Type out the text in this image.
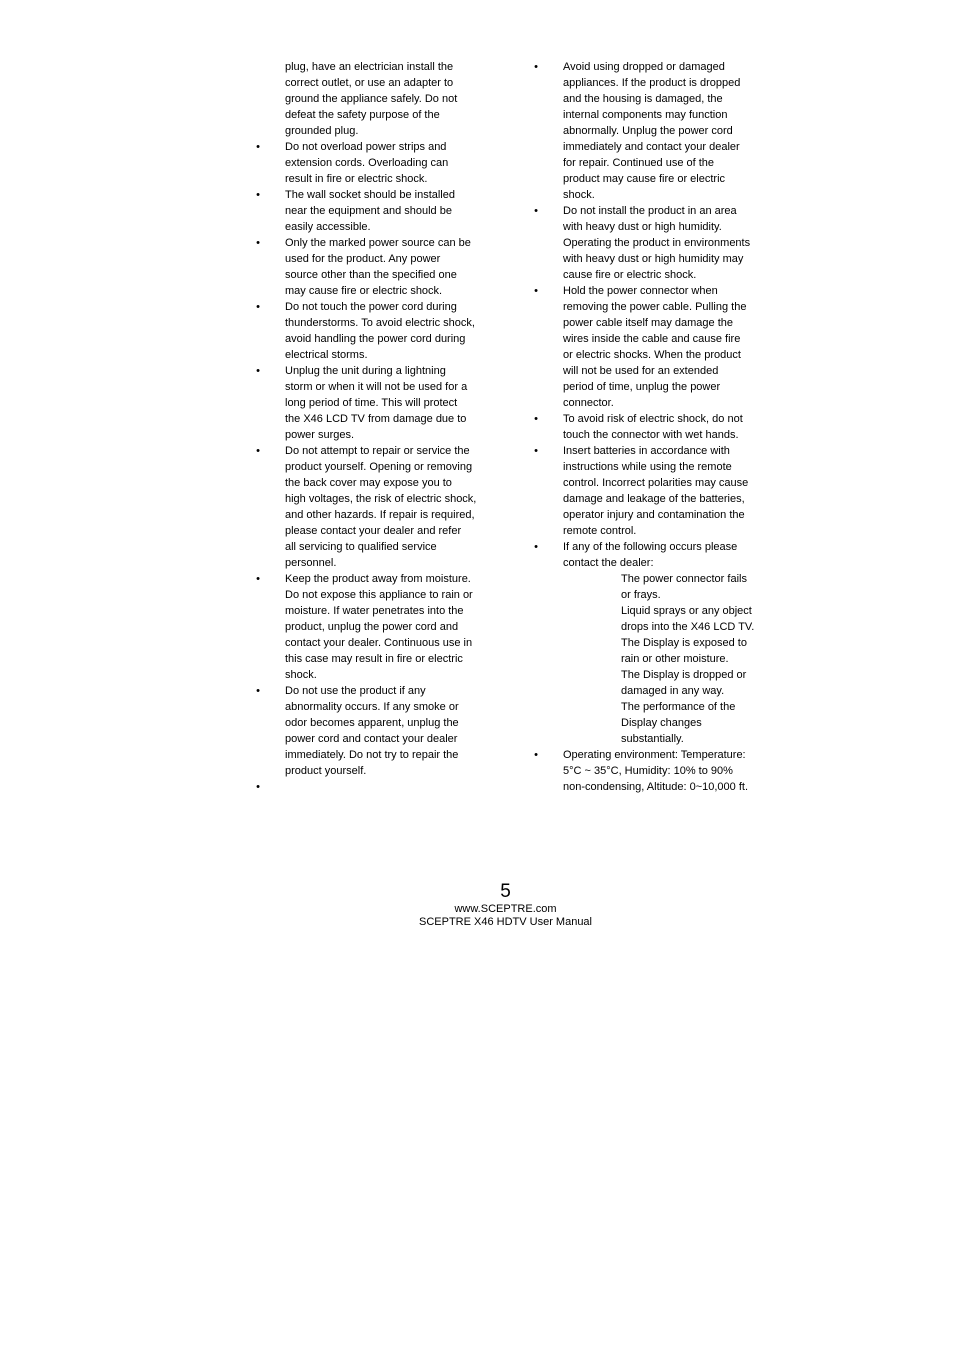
plug, have an electrician install the
correct outlet, or use an adapter to
ground the appliance safely. Do not
defeat the safety purpose of the
grounded plug.

• Do not overload power strips and
extension cords. Overloading can
result in fire or electric shock.
• The wall socket should be installed
near the equipment and should be
easily accessible.
• Only the marked power source can be
used for the product. Any power
source other than the specified one
may cause fire or electric shock.
• Do not touch the power cord during
thunderstorms. To avoid electric shock,
avoid handling the power cord during
electrical storms.
• Unplug the unit during a lightning
storm or when it will not be used for a
long period of time. This will protect
the X46 LCD TV from damage due to
power surges.
• Do not attempt to repair or service the
product yourself. Opening or removing
the back cover may expose you to
high voltages, the risk of electric shock,
and other hazards. If repair is required,
please contact your dealer and refer
all servicing to qualified service
personnel.
• Keep the product away from moisture.
Do not expose this appliance to rain or
moisture. If water penetrates into the
product, unplug the power cord and
contact your dealer. Continuous use in
this case may result in fire or electric
shock.
• Do not use the product if any
abnormality occurs. If any smoke or
odor becomes apparent, unplug the
power cord and contact your dealer
immediately. Do not try to repair the
product yourself.
•
• Avoid using dropped or damaged
appliances. If the product is dropped
and the housing is damaged, the
internal components may function
abnormally. Unplug the power cord
immediately and contact your dealer
for repair. Continued use of the
product may cause fire or electric
shock.
• Do not install the product in an area
with heavy dust or high humidity.
Operating the product in environments
with heavy dust or high humidity may
cause fire or electric shock.
• Hold the power connector when
removing the power cable. Pulling the
power cable itself may damage the
wires inside the cable and cause fire
or electric shocks. When the product
will not be used for an extended
period of time, unplug the power
connector.
• To avoid risk of electric shock, do not
touch the connector with wet hands.
• Insert batteries in accordance with
instructions while using the remote
control. Incorrect polarities may cause
damage and leakage of the batteries,
operator injury and contamination the
remote control.
• If any of the following occurs please
contact the dealer:

The power connector fails
or frays.

Liquid sprays or any object
drops into the X46 LCD TV.

The Display is exposed to
rain or other moisture.

The Display is dropped or
damaged in any way.

The performance of the
Display changes
substantially.

• Operating environment: Temperature:
5°C ~ 35°C, Humidity: 10% to 90%
non-condensing, Altitude: 0~10,000 ft.
5
www.SCEPTRE.com
SCEPTRE X46 HDTV User Manual
